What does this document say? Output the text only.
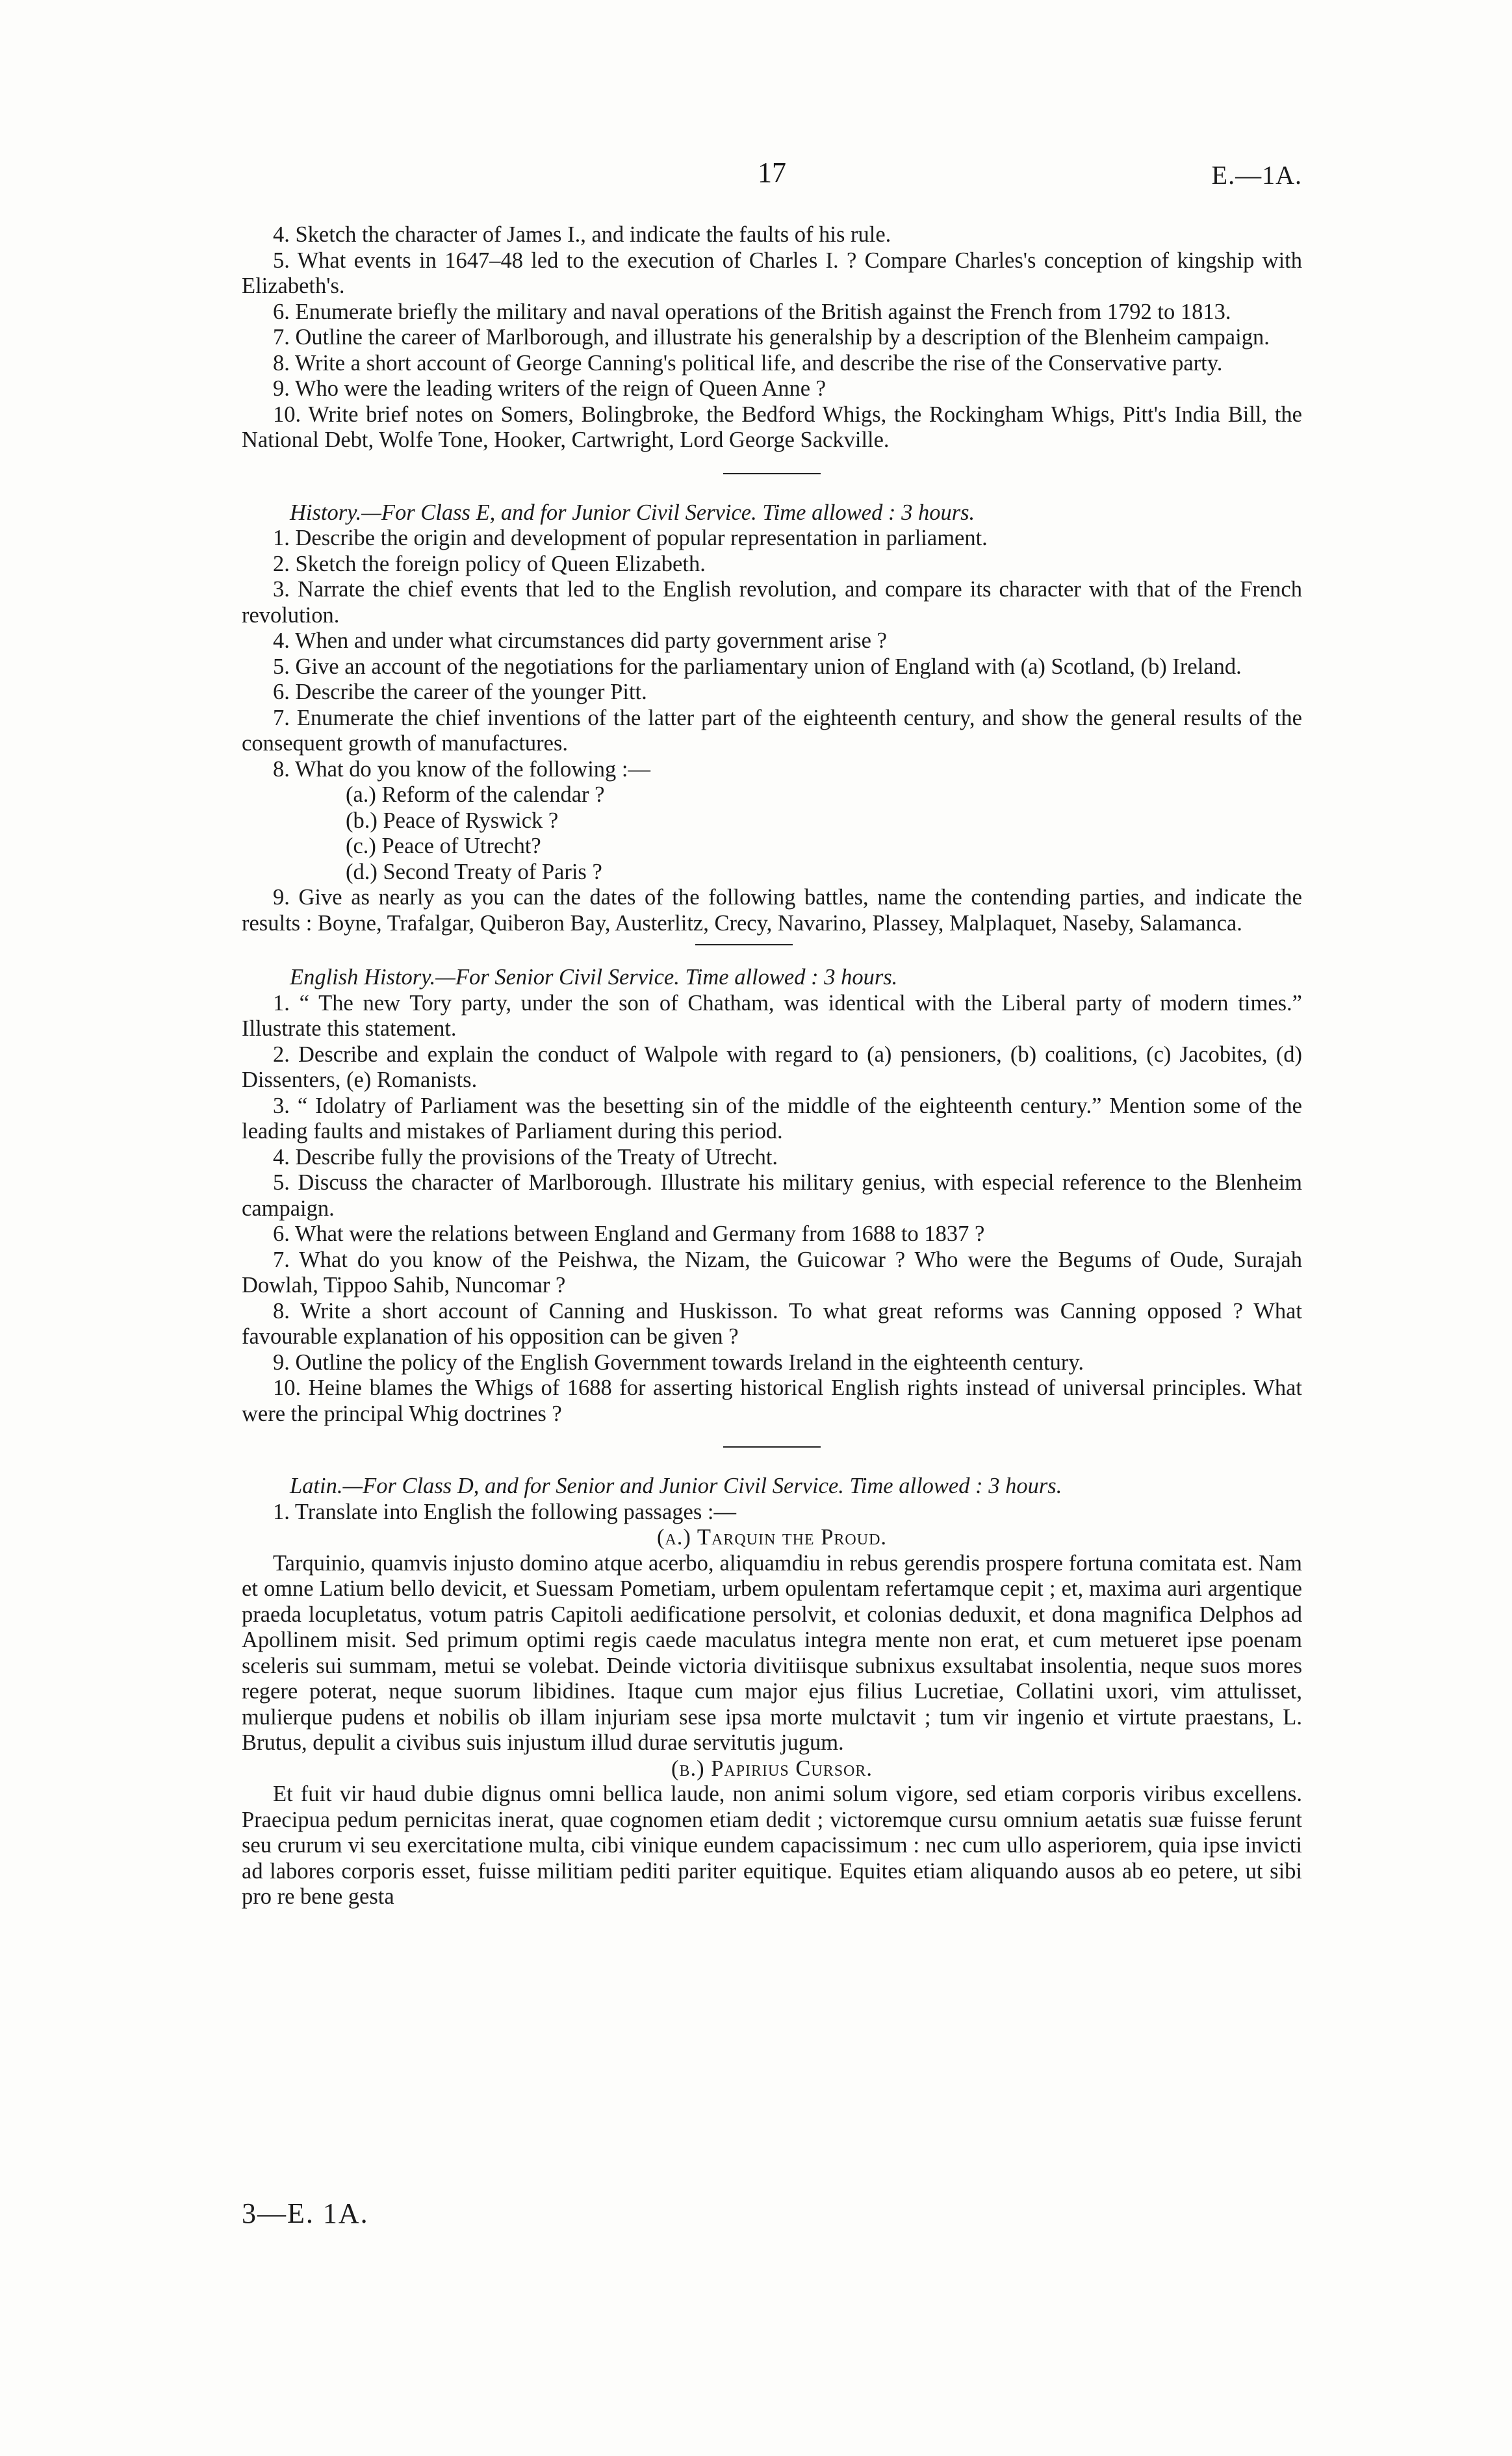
17	E.—1A.

4. Sketch the character of James I., and indicate the faults of his rule.

5. What events in 1647–48 led to the execution of Charles I. ? Compare Charles's conception of kingship with Elizabeth's.

6. Enumerate briefly the military and naval operations of the British against the French from 1792 to 1813.

7. Outline the career of Marlborough, and illustrate his generalship by a description of the Blenheim campaign.

8. Write a short account of George Canning's political life, and describe the rise of the Conservative party.

9. Who were the leading writers of the reign of Queen Anne ?

10. Write brief notes on Somers, Bolingbroke, the Bedford Whigs, the Rockingham Whigs, Pitt's India Bill, the National Debt, Wolfe Tone, Hooker, Cartwright, Lord George Sackville.

History.—For Class E, and for Junior Civil Service. Time allowed : 3 hours.

1. Describe the origin and development of popular representation in parliament.

2. Sketch the foreign policy of Queen Elizabeth.

3. Narrate the chief events that led to the English revolution, and compare its character with that of the French revolution.

4. When and under what circumstances did party government arise ?

5. Give an account of the negotiations for the parliamentary union of England with (a) Scotland, (b) Ireland.

6. Describe the career of the younger Pitt.

7. Enumerate the chief inventions of the latter part of the eighteenth century, and show the general results of the consequent growth of manufactures.

8. What do you know of the following :—

(a.) Reform of the calendar ?

(b.) Peace of Ryswick ?

(c.) Peace of Utrecht?

(d.) Second Treaty of Paris ?

9. Give as nearly as you can the dates of the following battles, name the contending parties, and indicate the results : Boyne, Trafalgar, Quiberon Bay, Austerlitz, Crecy, Navarino, Plassey, Malplaquet, Naseby, Salamanca.

English History.—For Senior Civil Service. Time allowed : 3 hours.

1. “ The new Tory party, under the son of Chatham, was identical with the Liberal party of modern times.” Illustrate this statement.

2. Describe and explain the conduct of Walpole with regard to (a) pensioners, (b) coalitions, (c) Jacobites, (d) Dissenters, (e) Romanists.

3. “ Idolatry of Parliament was the besetting sin of the middle of the eighteenth century.” Mention some of the leading faults and mistakes of Parliament during this period.

4. Describe fully the provisions of the Treaty of Utrecht.

5. Discuss the character of Marlborough. Illustrate his military genius, with especial reference to the Blenheim campaign.

6. What were the relations between England and Germany from 1688 to 1837 ?

7. What do you know of the Peishwa, the Nizam, the Guicowar ? Who were the Begums of Oude, Surajah Dowlah, Tippoo Sahib, Nuncomar ?

8. Write a short account of Canning and Huskisson. To what great reforms was Canning opposed ? What favourable explanation of his opposition can be given ?

9. Outline the policy of the English Government towards Ireland in the eighteenth century.

10. Heine blames the Whigs of 1688 for asserting historical English rights instead of universal principles. What were the principal Whig doctrines ?

Latin.—For Class D, and for Senior and Junior Civil Service. Time allowed : 3 hours.

1. Translate into English the following passages :—

(a.) Tarquin the Proud.

Tarquinio, quamvis injusto domino atque acerbo, aliquamdiu in rebus gerendis prospere fortuna comitata est. Nam et omne Latium bello devicit, et Suessam Pometiam, urbem opulentam refertamque cepit ; et, maxima auri argentique praeda locupletatus, votum patris Capitoli aedificatione persolvit, et colonias deduxit, et dona magnifica Delphos ad Apollinem misit. Sed primum optimi regis caede maculatus integra mente non erat, et cum metueret ipse poenam sceleris sui summam, metui se volebat. Deinde victoria divitiisque subnixus exsultabat insolentia, neque suos mores regere poterat, neque suorum libidines. Itaque cum major ejus filius Lucretiae, Collatini uxori, vim attulisset, mulierque pudens et nobilis ob illam injuriam sese ipsa morte mulctavit ; tum vir ingenio et virtute praestans, L. Brutus, depulit a civibus suis injustum illud durae servitutis jugum.

(b.) Papirius Cursor.

Et fuit vir haud dubie dignus omni bellica laude, non animi solum vigore, sed etiam corporis viribus excellens. Praecipua pedum pernicitas inerat, quae cognomen etiam dedit ; victoremque cursu omnium aetatis suæ fuisse ferunt seu crurum vi seu exercitatione multa, cibi vinique eundem capacissimum : nec cum ullo asperiorem, quia ipse invicti ad labores corporis esset, fuisse militiam pediti pariter equitique. Equites etiam aliquando ausos ab eo petere, ut sibi pro re bene gesta

3—E. 1A.
